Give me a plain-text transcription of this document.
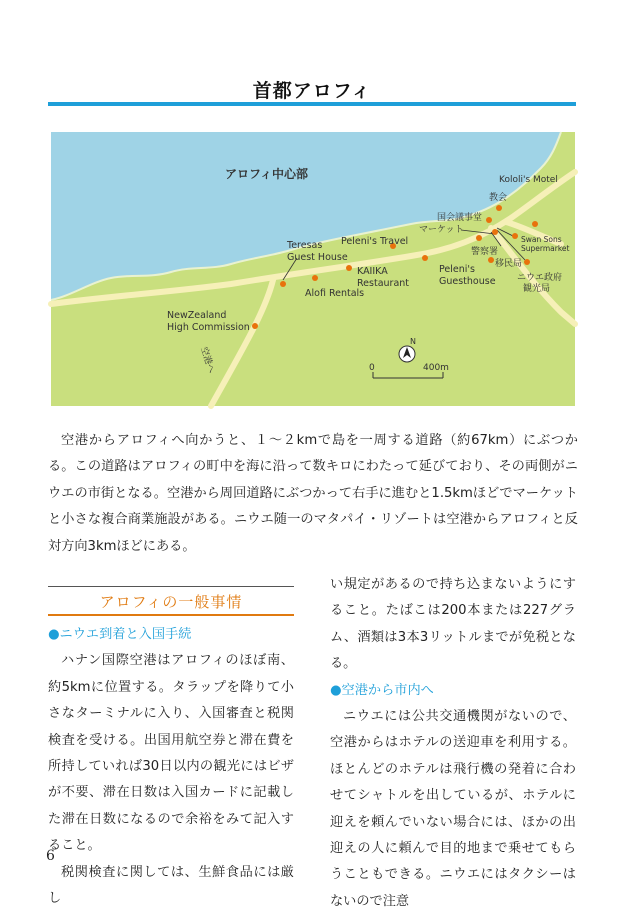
首都アロフィ
アロフィ中心部	Kololi's Motel
教会
国会議事堂
マーケット
Swan Sons
Supermarket
警察署
移民局
ニウエ政府
観光局
Peleni's Travel
Teresas
Guest House
KAIIKA
Restaurant
Alofi Rentals
Peleni's
Guesthouse
NewZealand
High Commission
空港へ
N
0	400m

空港からアロフィへ向かうと、１～２kmで島を一周する道路（約67km）にぶつかる。この道路はアロフィの町中を海に沿って数キロにわたって延びており、その両側がニウエの市街となる。空港から周回道路にぶつかって右手に進むと1.5kmほどでマーケットと小さな複合商業施設がある。ニウエ随一のマタパイ・リゾートは空港からアロフィと反対方向3kmほどにある。

アロフィの一般事情
●ニウエ到着と入国手続

ハナン国際空港はアロフィのほぼ南、約5kmに位置する。タラップを降りて小さなターミナルに入り、入国審査と税関検査を受ける。出国用航空券と滞在費を所持していれば30日以内の観光にはビザが不要、滞在日数は入国カードに記載した滞在日数になるので余裕をみて記入すること。

税関検査に関しては、生鮮食品には厳し

い規定があるので持ち込まないようにすること。たばこは200本または227グラム、酒類は3本3リットルまでが免税となる。

●空港から市内へ

ニウエには公共交通機関がないので、空港からはホテルの送迎車を利用する。ほとんどのホテルは飛行機の発着に合わせてシャトルを出しているが、ホテルに迎えを頼んでいない場合には、ほかの出迎えの人に頼んで目的地まで乗せてもらうこともできる。ニウエにはタクシーはないので注意

6
